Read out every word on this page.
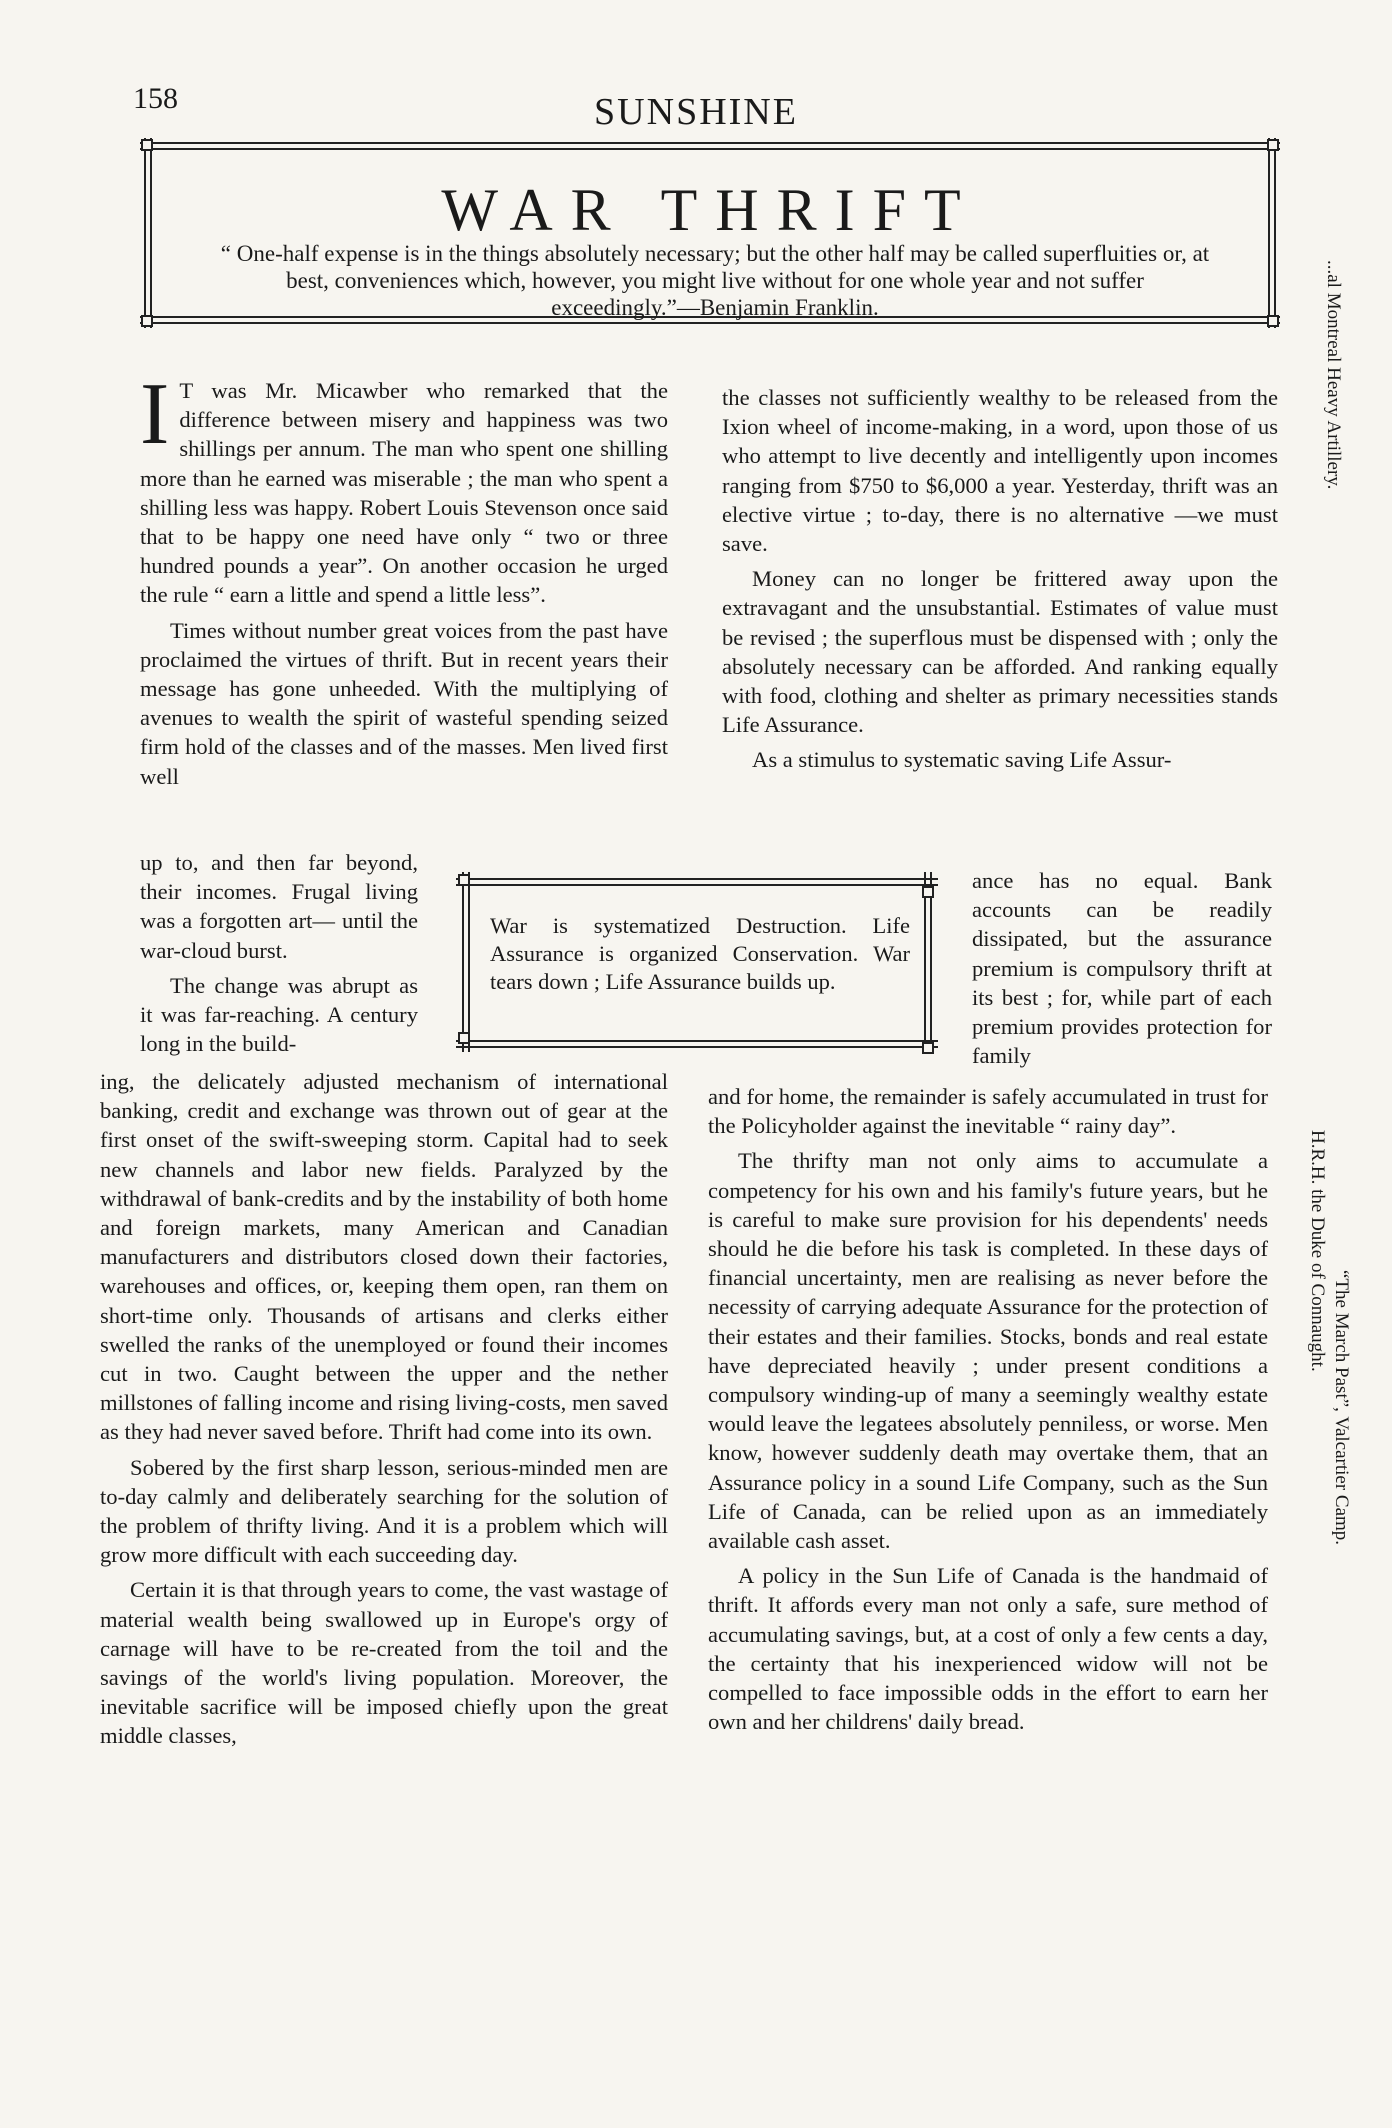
158	SUNSHINE
WAR THRIFT
“ One-half expense is in the things absolutely necessary; but the other half may be called superfluities or, at best, conveniences which, however, you might live without for one whole year and not suffer exceedingly.”—Benjamin Franklin.

I T was Mr. Micawber who remarked that the difference between misery and happiness was two shillings per annum. The man who spent one shilling more than he earned was miserable ; the man who spent a shilling less was happy. Robert Louis Stevenson once said that to be happy one need have only “ two or three hundred pounds a year”. On another occasion he urged the rule “ earn a little and spend a little less”.

Times without number great voices from the past have proclaimed the virtues of thrift. But in recent years their message has gone unheeded. With the multiplying of avenues to wealth the spirit of wasteful spending seized firm hold of the classes and of the masses. Men lived first well

up to, and then far beyond, their incomes. Frugal living was a forgotten art— until the war-cloud burst.

The change was abrupt as it was far-reaching. A century long in the build-

ing, the delicately adjusted mechanism of international banking, credit and exchange was thrown out of gear at the first onset of the swift-sweeping storm. Capital had to seek new channels and labor new fields. Paralyzed by the withdrawal of bank-credits and by the instability of both home and foreign markets, many American and Canadian manufacturers and distributors closed down their factories, warehouses and offices, or, keeping them open, ran them on short-time only. Thousands of artisans and clerks either swelled the ranks of the unemployed or found their incomes cut in two. Caught between the upper and the nether millstones of falling income and rising living-costs, men saved as they had never saved before. Thrift had come into its own.

Sobered by the first sharp lesson, serious-minded men are to-day calmly and deliberately searching for the solution of the problem of thrifty living. And it is a problem which will grow more difficult with each succeeding day.

Certain it is that through years to come, the vast wastage of material wealth being swallowed up in Europe's orgy of carnage will have to be re-created from the toil and the savings of the world's living population. Moreover, the inevitable sacrifice will be imposed chiefly upon the great middle classes,

the classes not sufficiently wealthy to be released from the Ixion wheel of income-making, in a word, upon those of us who attempt to live decently and intelligently upon incomes ranging from $750 to $6,000 a year. Yesterday, thrift was an elective virtue ; to-day, there is no alternative —we must save.

Money can no longer be frittered away upon the extravagant and the unsubstantial. Estimates of value must be revised ; the superflous must be dispensed with ; only the absolutely necessary can be afforded. And ranking equally with food, clothing and shelter as primary necessities stands Life Assurance.

As a stimulus to systematic saving Life Assur-

ance has no equal. Bank accounts can be readily dissipated, but the assurance premium is compulsory thrift at its best ; for, while part of each premium provides protection for family

and for home, the remainder is safely accumulated in trust for the Policyholder against the inevitable “ rainy day”.

The thrifty man not only aims to accumulate a competency for his own and his family's future years, but he is careful to make sure provision for his dependents' needs should he die before his task is completed. In these days of financial uncertainty, men are realising as never before the necessity of carrying adequate Assurance for the protection of their estates and their families. Stocks, bonds and real estate have depreciated heavily ; under present conditions a compulsory winding-up of many a seemingly wealthy estate would leave the legatees absolutely penniless, or worse. Men know, however suddenly death may overtake them, that an Assurance policy in a sound Life Company, such as the Sun Life of Canada, can be relied upon as an immediately available cash asset.

A policy in the Sun Life of Canada is the handmaid of thrift. It affords every man not only a safe, sure method of accumulating savings, but, at a cost of only a few cents a day, the certainty that his inexperienced widow will not be compelled to face impossible odds in the effort to earn her own and her childrens' daily bread.

War is systematized Destruction. Life Assurance is organized Conservation. War tears down ; Life Assurance builds up.
...al Montreal Heavy Artillery.
H.R.H. the Duke of Connaught.
“The March Past”, Valcartier Camp.
